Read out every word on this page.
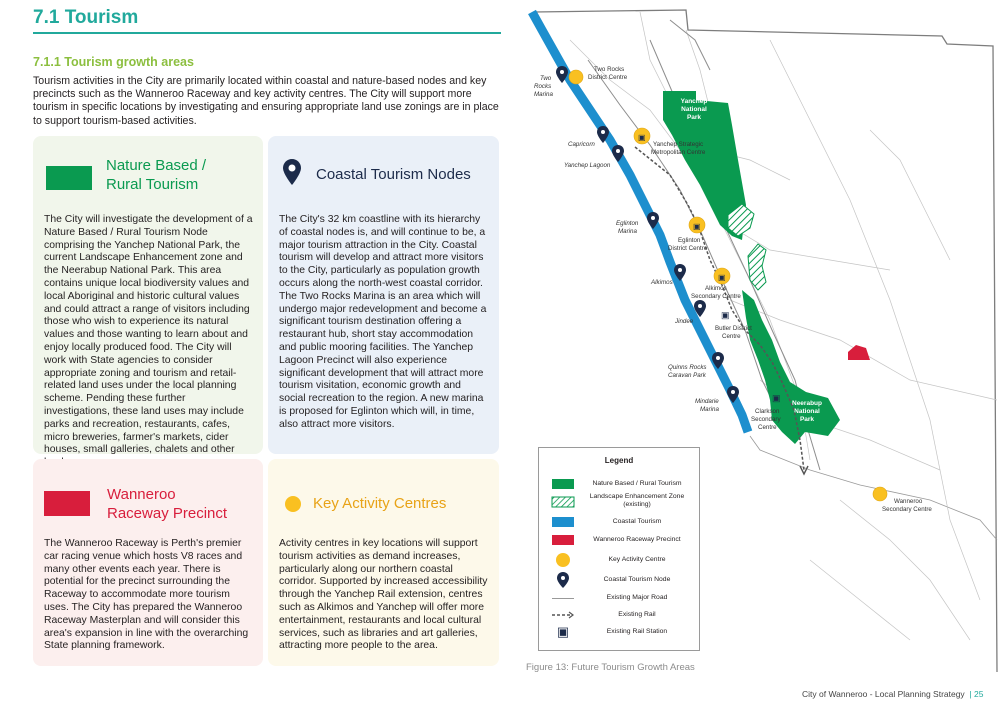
7.1 Tourism
7.1.1 Tourism growth areas
Tourism activities in the City are primarily located within coastal and nature-based nodes and key precincts such as the Wanneroo Raceway and key activity centres. The City will support more tourism in specific locations by investigating and ensuring appropriate land use zonings are in place to support tourism-based activities.
Nature Based /
Rural Tourism
The City will investigate the development of a Nature Based / Rural Tourism Node comprising the Yanchep National Park, the current Landscape Enhancement zone and the Neerabup National Park. This area contains unique local biodiversity values and local Aboriginal and historic cultural values and could attract a range of visitors including those who wish to experience its natural values and those wanting to learn about and enjoy locally produced food. The City will work with State agencies to consider appropriate zoning and tourism and retail-related land uses under the local planning scheme. Pending these further investigations, these land uses may include parks and recreation, restaurants, cafes, micro breweries, farmer's markets, cider houses, small galleries, chalets and other
Coastal Tourism Nodes
The City's 32 km coastline with its hierarchy of coastal nodes is, and will continue to be, a major tourism attraction in the City. Coastal tourism will develop and attract more visitors to the City, particularly as population growth occurs along the north-west coastal corridor. The Two Rocks Marina is an area which will undergo major redevelopment and become a significant tourism destination offering a restaurant hub, short stay accommodation and public mooring facilities. The Yanchep Lagoon Precinct will also experience significant development that will attract more tourism visitation, economic growth and social recreation to the region. A new marina is proposed for Eglinton which will, in time, also attract more visitors.
Wanneroo
Raceway Precinct
The Wanneroo Raceway is Perth's premier car racing venue which hosts V8 races and many other events each year. There is potential for the precinct surrounding the Raceway to accommodate more tourism uses. The City has prepared the Wanneroo Raceway Masterplan and will consider this area's expansion in line with the overarching State planning framework.
Key Activity Centres
Activity centres in key locations will support tourism activities as demand increases, particularly along our northern coastal corridor. Supported by increased accessibility through the Yanchep Rail extension, centres such as Alkimos and Yanchep will offer more entertainment, restaurants and local cultural services, such as libraries and art galleries, attracting more people to the area.
Yanchep
National
Park
Neerabup
National
Park
▣
▣
▣
▣
▣
Two
Rocks
Marina
Two Rocks
District Centre
Capricorn
Yanchep Lagoon
Yanchep Strategic
Metropolitan Centre
Eglinton
Marina
Eglinton
District Centre
Alkimos
Alkimos
Secondary Centre
Jindee
Butler District
Centre
Quinns Rocks
Caravan Park
Mindarie
Marina	Clarkson
Secondary
Centre
Wanneroo
Secondary Centre
Legend
Nature Based / Rural Tourism
Landscape Enhancement Zone (existing)
Coastal Tourism
Wanneroo Raceway Precinct
Key Activity Centre
Coastal Tourism Node
Existing Major Road
Existing Rail
▣	Existing Rail Station
Figure 13: Future Tourism Growth Areas
City of Wanneroo - Local Planning Strategy | 25
